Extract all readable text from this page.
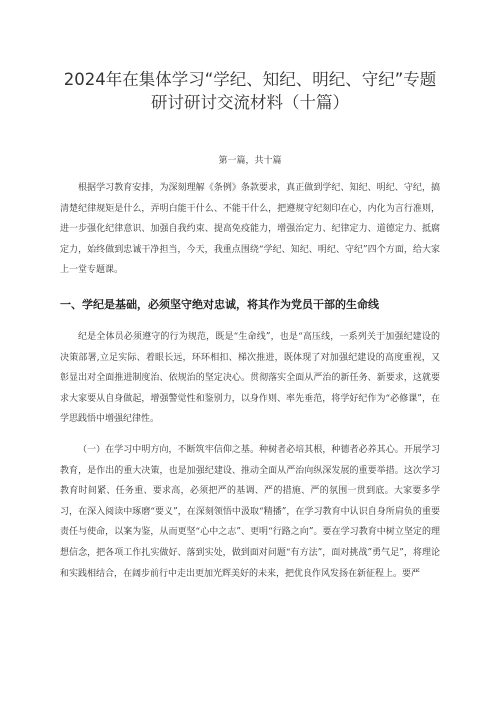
2024年在集体学习“学纪、知纪、明纪、守纪”专题研讨研讨交流材料（十篇）
第一篇，共十篇

根据学习教育安排，为深刻理解《条例》条款要求，真正做到学纪、知纪、明纪、守纪，搞清楚纪律规矩是什么，弄明白能干什么、不能干什么，把遵规守纪刻印在心，内化为言行准则，进一步强化纪律意识、加强自我约束、提高免疫能力，增强治定力、纪律定力、道德定力、抵腐定力，始终做到忠诚干净担当，今天，我重点围绕“学纪、知纪、明纪、守纪”四个方面，给大家上一堂专题课。

一、学纪是基础，必须坚守绝对忠诚，将其作为党员干部的生命线

纪是全体员必须遵守的行为规范，既是“生命线”，也是“高压线，一系列关于加强纪建设的决策部署,立足实际、着眼长远，环环相扣、梯次推进，既体现了对加强纪建设的高度重视，又彰显出对全面推进制度治、依规治的坚定决心。贯彻落实全面从严治的新任务、新要求，这就要求大家要从自身做起，增强警觉性和鉴别力，以身作则、率先垂范，将学好纪作为“必修课”，在学思践悟中增强纪律性。

（一）在学习中明方向，不断筑牢信仰之基。种树者必培其根，种德者必养其心。开展学习教育，是作出的重大决策，也是加强纪建设、推动全面从严治向纵深发展的重要举措。这次学习教育时间紧、任务重、要求高，必须把严的基调、严的措施、严的氛围一贯到底。大家要多学习，在深入阅读中琢磨“要义”，在深刻领悟中汲取“精播”，在学习教育中认识自身所肩负的重要责任与使命，以案为鉴，从而更坚“心中之志”、更明“行路之向”。要在学习教育中树立坚定的理想信念，把各项工作扎实做好、落到实处，做到面对问题“有方法”，面对挑战”勇气足”，将理论和实践相结合，在阔步前行中走出更加光辉美好的未来，把优良作风发扬在新征程上。要严
